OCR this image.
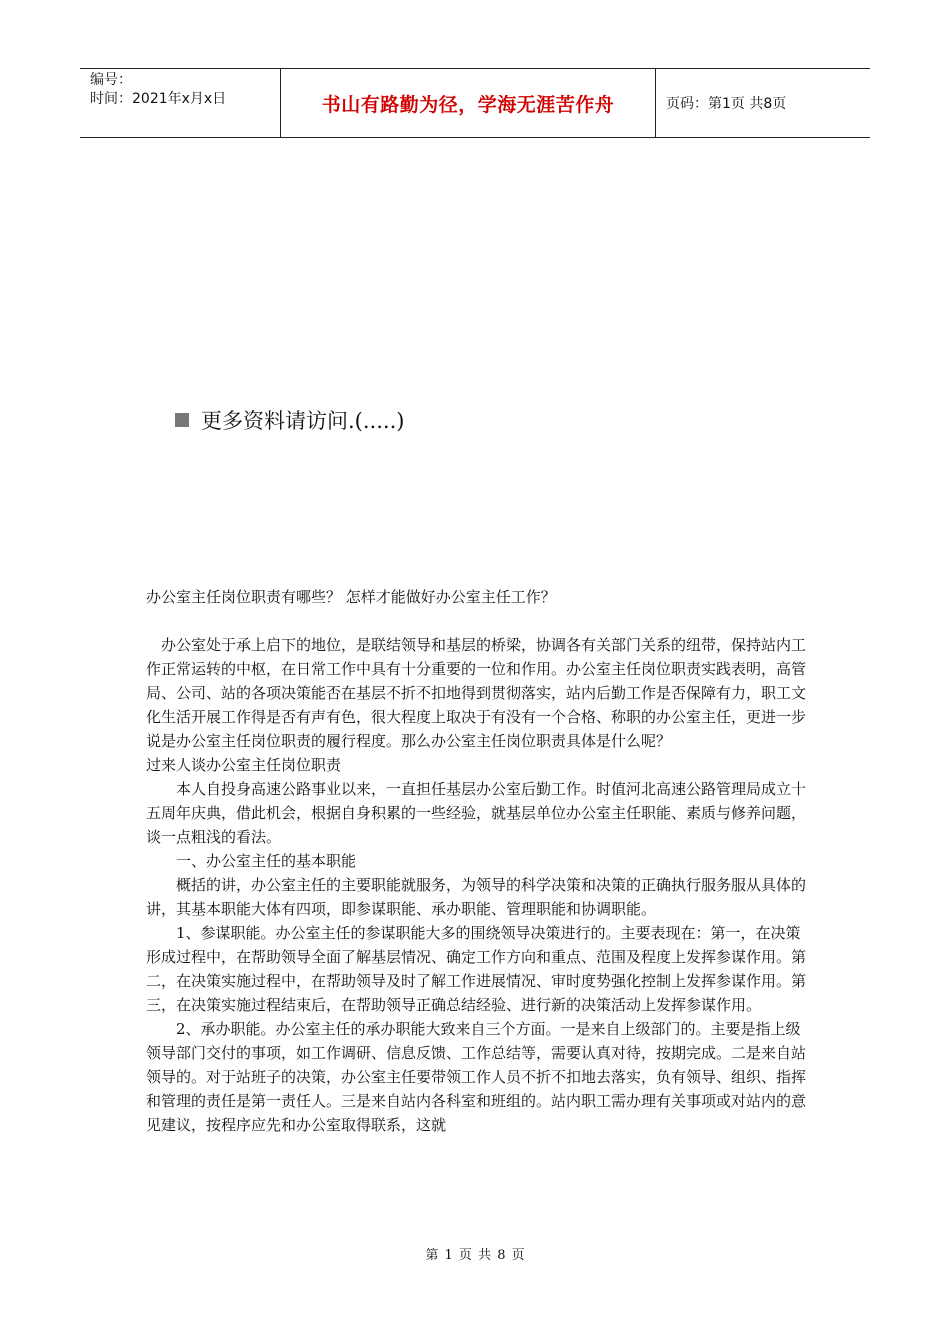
编号：
时间：2021年x月x日	书山有路勤为径，学海无涯苦作舟	页码：第1页 共8页
更多资料请访问.(.....)

办公室主任岗位职责有哪些？ 怎样才能做好办公室主任工作？

办公室处于承上启下的地位，是联结领导和基层的桥梁，协调各有关部门关系的纽带，保持站内工作正常运转的中枢，在日常工作中具有十分重要的一位和作用。办公室主任岗位职责实践表明，高管局、公司、站的各项决策能否在基层不折不扣地得到贯彻落实，站内后勤工作是否保障有力，职工文化生活开展工作得是否有声有色，很大程度上取决于有没有一个合格、称职的办公室主任，更进一步说是办公室主任岗位职责的履行程度。那么办公室主任岗位职责具体是什么呢？

过来人谈办公室主任岗位职责

本人自投身高速公路事业以来，一直担任基层办公室后勤工作。时值河北高速公路管理局成立十五周年庆典，借此机会，根据自身积累的一些经验，就基层单位办公室主任职能、素质与修养问题，谈一点粗浅的看法。

一、办公室主任的基本职能

概括的讲，办公室主任的主要职能就服务，为领导的科学决策和决策的正确执行服务服从具体的讲，其基本职能大体有四项，即参谋职能、承办职能、管理职能和协调职能。

1、参谋职能。办公室主任的参谋职能大多的围绕领导决策进行的。主要表现在：第一，在决策形成过程中，在帮助领导全面了解基层情况、确定工作方向和重点、范围及程度上发挥参谋作用。第二，在决策实施过程中，在帮助领导及时了解工作进展情况、审时度势强化控制上发挥参谋作用。第三，在决策实施过程结束后，在帮助领导正确总结经验、进行新的决策活动上发挥参谋作用。

2、承办职能。办公室主任的承办职能大致来自三个方面。一是来自上级部门的。主要是指上级领导部门交付的事项，如工作调研、信息反馈、工作总结等，需要认真对待，按期完成。二是来自站领导的。对于站班子的决策，办公室主任要带领工作人员不折不扣地去落实，负有领导、组织、指挥和管理的责任是第一责任人。三是来自站内各科室和班组的。站内职工需办理有关事项或对站内的意见建议，按程序应先和办公室取得联系，这就

第 1 页 共 8 页
